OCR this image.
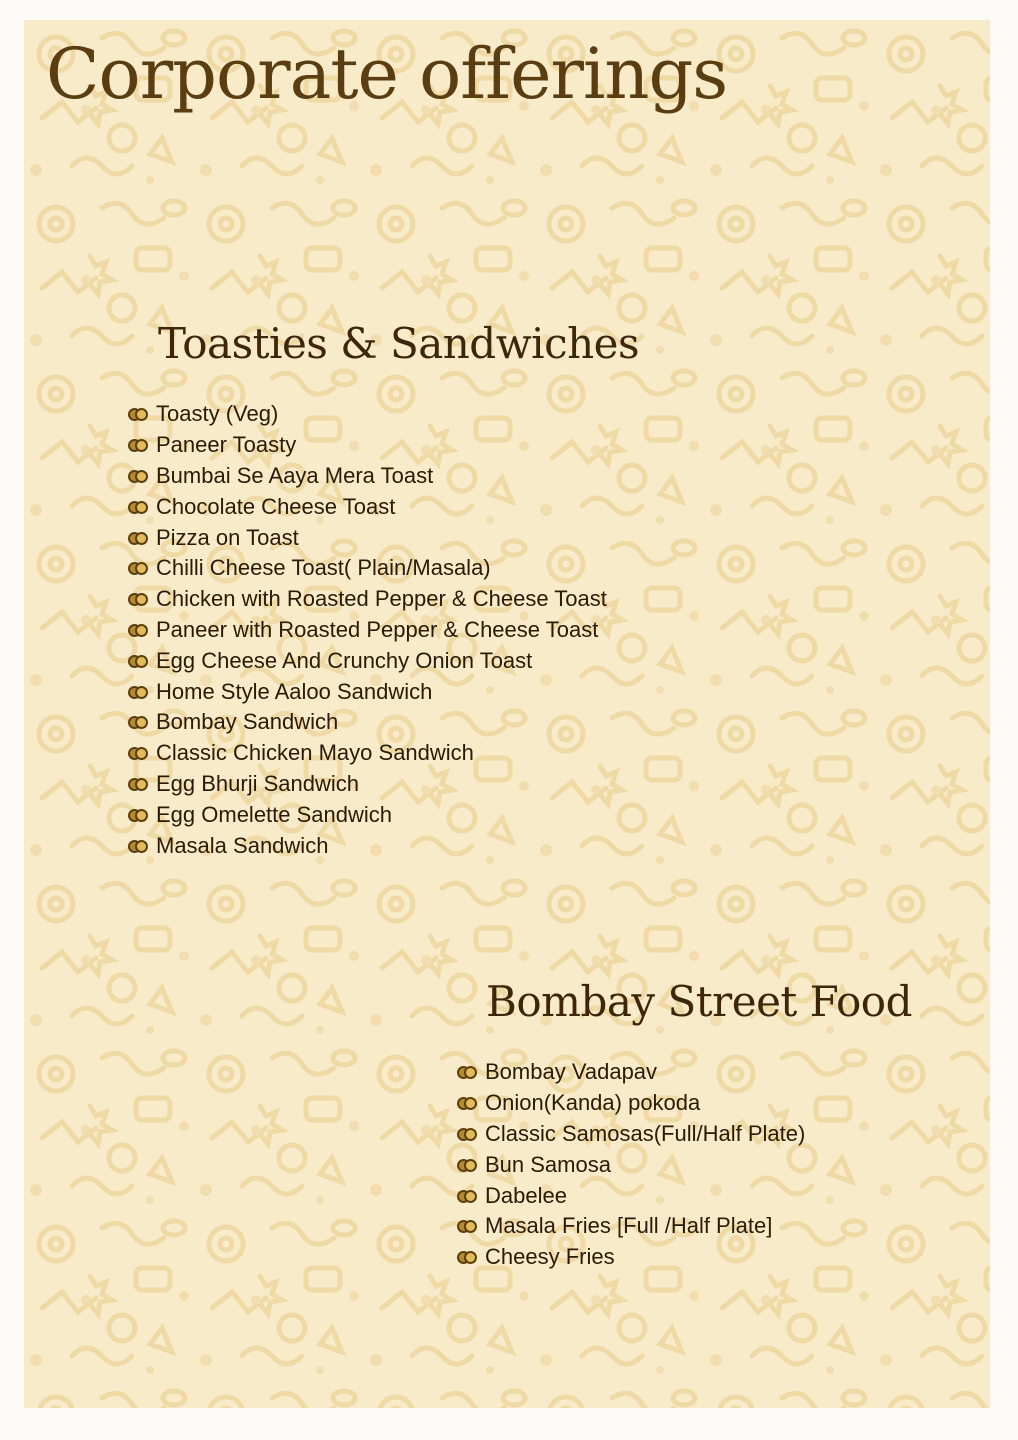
Corporate offerings
Toasties & Sandwiches
Toasty (Veg)
Paneer Toasty
Bumbai Se Aaya Mera Toast
Chocolate Cheese Toast
Pizza on Toast
Chilli Cheese Toast( Plain/Masala)
Chicken with Roasted Pepper & Cheese Toast
Paneer with Roasted Pepper & Cheese Toast
Egg Cheese And Crunchy Onion Toast
Home Style Aaloo Sandwich
Bombay Sandwich
Classic Chicken Mayo Sandwich
Egg Bhurji Sandwich
Egg Omelette Sandwich
Masala Sandwich
Bombay Street Food
Bombay Vadapav
Onion(Kanda) pokoda
Classic Samosas(Full/Half Plate)
Bun Samosa
Dabelee
Masala Fries [Full /Half Plate]
Cheesy Fries
